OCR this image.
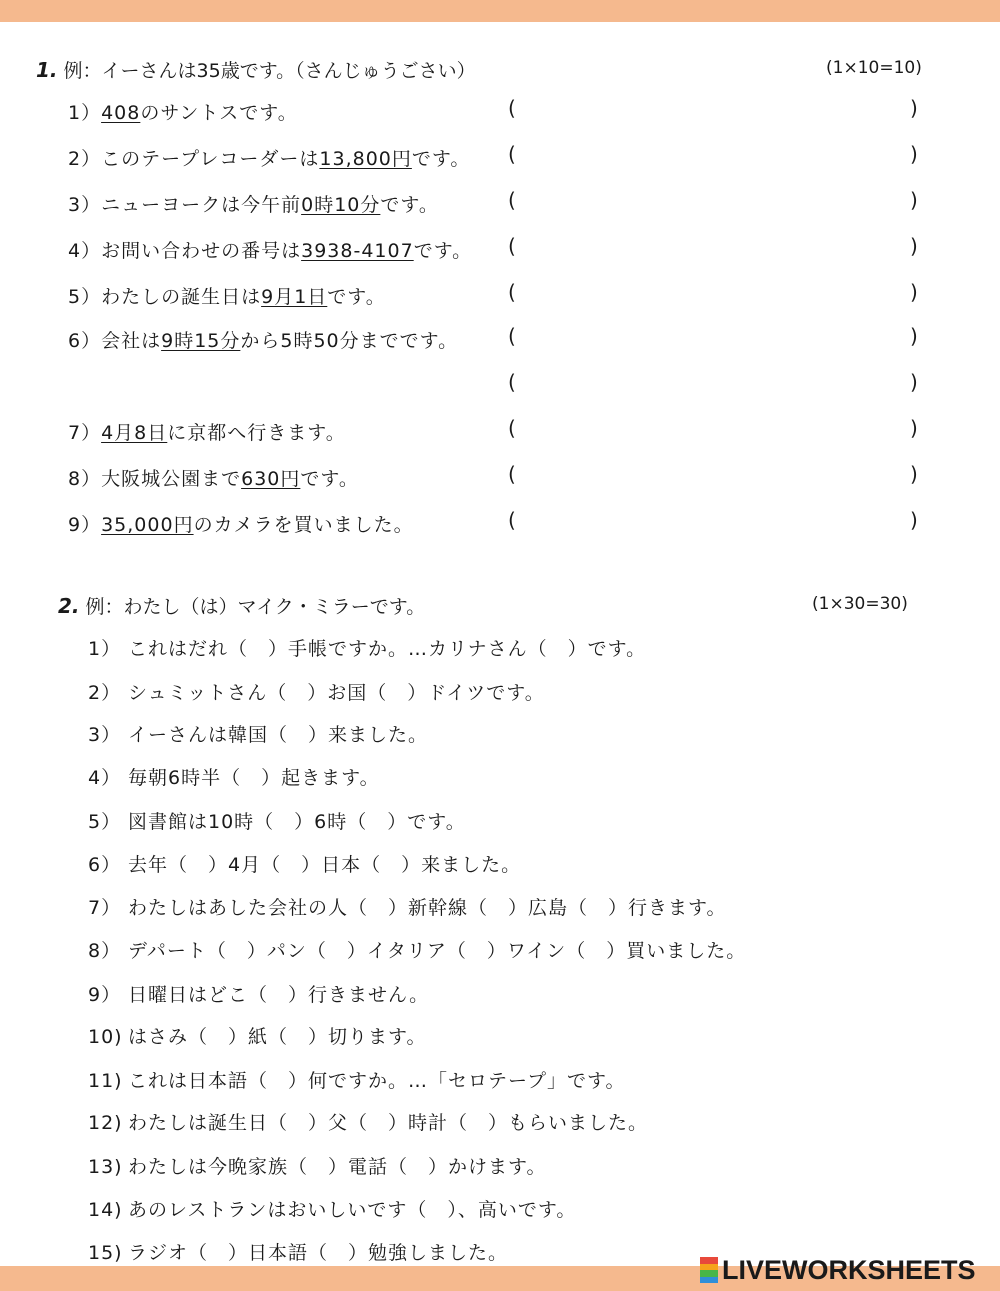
1. 例：イーさんは35歳です。（さんじゅうごさい）	(1×10=10)
1）408のサントスです。	(	)
2）このテープレコーダーは13,800円です。 (	)
3）ニューヨークは今午前0時10分です。	(	)
4）お問い合わせの番号は3938-4107です。 (	)
5）わたしの誕生日は9月1日です。	(	)
6）会社は9時15分から5時50分までです。 (	)
(	)
7）4月8日に京都へ行きます。	(	)
8）大阪城公園まで630円です。	(	)
9）35,000円のカメラを買いました。	(	)
2. 例：わたし（は）マイク・ミラーです。	(1×30=30)
1） これはだれ（　）手帳ですか。…カリナさん（　）です。
2） シュミットさん（　）お国（　）ドイツです。
3） イーさんは韓国（　）来ました。
4） 毎朝6時半（　）起きます。
5） 図書館は10時（　）6時（　）です。
6） 去年（　）4月（　）日本（　）来ました。
7） わたしはあした会社の人（　）新幹線（　）広島（　）行きます。
8） デパート（　）パン（　）イタリア（　）ワイン（　）買いました。
9） 日曜日はどこ（　）行きません。
10) はさみ（　）紙（　）切ります。
11) これは日本語（　）何ですか。…「セロテープ」です。
12) わたしは誕生日（　）父（　）時計（　）もらいました。
13) わたしは今晩家族（　）電話（　）かけます。
14) あのレストランはおいしいです（　）、高いです。
15) ラジオ（　）日本語（　）勉強しました。
LIVEWORKSHEETS
